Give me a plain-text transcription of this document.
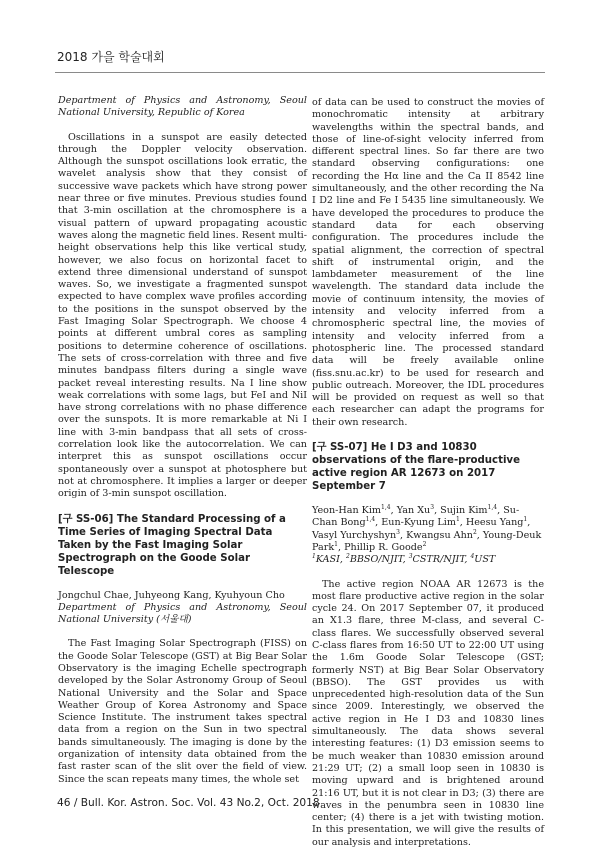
2018 가을 학술대회

Department of Physics and Astronomy, Seoul National University, Republic of Korea

Oscillations in a sunspot are easily detected through the Doppler velocity observation. Although the sunspot oscillations look erratic, the wavelet analysis show that they consist of successive wave packets which have strong power near three or five minutes. Previous studies found that 3-min oscillation at the chromosphere is a visual pattern of upward propagating acoustic waves along the magnetic field lines. Resent multi-height observations help this like vertical study, however, we also focus on horizontal facet to extend three dimensional understand of sunspot waves. So, we investigate a fragmented sunspot expected to have complex wave profiles according to the positions in the sunspot observed by the Fast Imaging Solar Spectrograph. We choose 4 points at different umbral cores as sampling positions to determine coherence of oscillations. The sets of cross-correlation with three and five minutes bandpass filters during a single wave packet reveal interesting results. Na I line show weak correlations with some lags, but FeI and NiI have strong correlations with no phase difference over the sunspots. It is more remarkable at Ni I line with 3-min bandpass that all sets of cross-correlation look like the autocorrelation. We can interpret this as sunspot oscillations occur spontaneously over a sunspot at photosphere but not at chromosphere. It implies a larger or deeper origin of 3-min sunspot oscillation.

[구 SS-06] The Standard Processing of a Time Series of Imaging Spectral Data Taken by the Fast Imaging Solar Spectrograph on the Goode Solar Telescope

Jongchul Chae, Juhyeong Kang, Kyuhyoun Cho

Department of Physics and Astronomy, Seoul National University (서울대)

The Fast Imaging Solar Spectrograph (FISS) on the Goode Solar Telescope (GST) at Big Bear Solar Observatory is the imaging Echelle spectrograph developed by the Solar Astronomy Group of Seoul National University and the Solar and Space Weather Group of Korea Astronomy and Space Science Institute. The instrument takes spectral data from a region on the Sun in two spectral bands simultaneously. The imaging is done by the organization of intensity data obtained from the fast raster scan of the slit over the field of view. Since the scan repeats many times, the whole set

of data can be used to construct the movies of monochromatic intensity at arbitrary wavelengths within the spectral bands, and those of line-of-sight velocity inferred from different spectral lines. So far there are two standard observing configurations: one recording the Hα line and the Ca II 8542 line simultaneously, and the other recording the Na I D2 line and Fe I 5435 line simultaneously. We have developed the procedures to produce the standard data for each observing configuration. The procedures include the spatial alignment, the correction of spectral shift of instrumental origin, and the lambdameter measurement of the line wavelength. The standard data include the movie of continuum intensity, the movies of intensity and velocity inferred from a chromospheric spectral line, the movies of intensity and velocity inferred from a photospheric line. The processed standard data will be freely available online (fiss.snu.ac.kr) to be used for research and public outreach. Moreover, the IDL procedures will be provided on request as well so that each researcher can adapt the programs for their own research.

[구 SS-07] He I D3 and 10830 observations of the flare-productive active region AR 12673 on 2017 September 7

Yeon-Han Kim$^{1,4}$, Yan Xu$^3$, Sujin Kim$^{1,4}$, Su-Chan Bong$^{1,4}$, Eun-Kyung Lim$^1$, Heesu Yang$^1$, Vasyl Yurchyshyn$^3$, Kwangsu Ahn$^2$, Young-Deuk Park$^1$, Phillip R. Goode$^2$

$^1$KASI, $^2$BBSO/NJIT, $^3$CSTR/NJIT, $^4$UST

The active region NOAA AR 12673 is the most flare productive active region in the solar cycle 24. On 2017 September 07, it produced an X1.3 flare, three M-class, and several C-class flares. We successfully observed several C-class flares from 16:50 UT to 22:00 UT using the 1.6m Goode Solar Telescope (GST; formerly NST) at Big Bear Solar Observatory (BBSO). The GST provides us with unprecedented high-resolution data of the Sun since 2009. Interestingly, we observed the active region in He I D3 and 10830 lines simultaneously. The data shows several interesting features: (1) D3 emission seems to be much weaker than 10830 emission around 21:29 UT; (2) a small loop seen in 10830 is moving upward and is brightened around 21:16 UT, but it is not clear in D3; (3) there are waves in the penumbra seen in 10830 line center; (4) there is a jet with twisting motion. In this presentation, we will give the results of our analysis and interpretations.

46 / Bull. Kor. Astron. Soc. Vol. 43 No.2, Oct. 2018
